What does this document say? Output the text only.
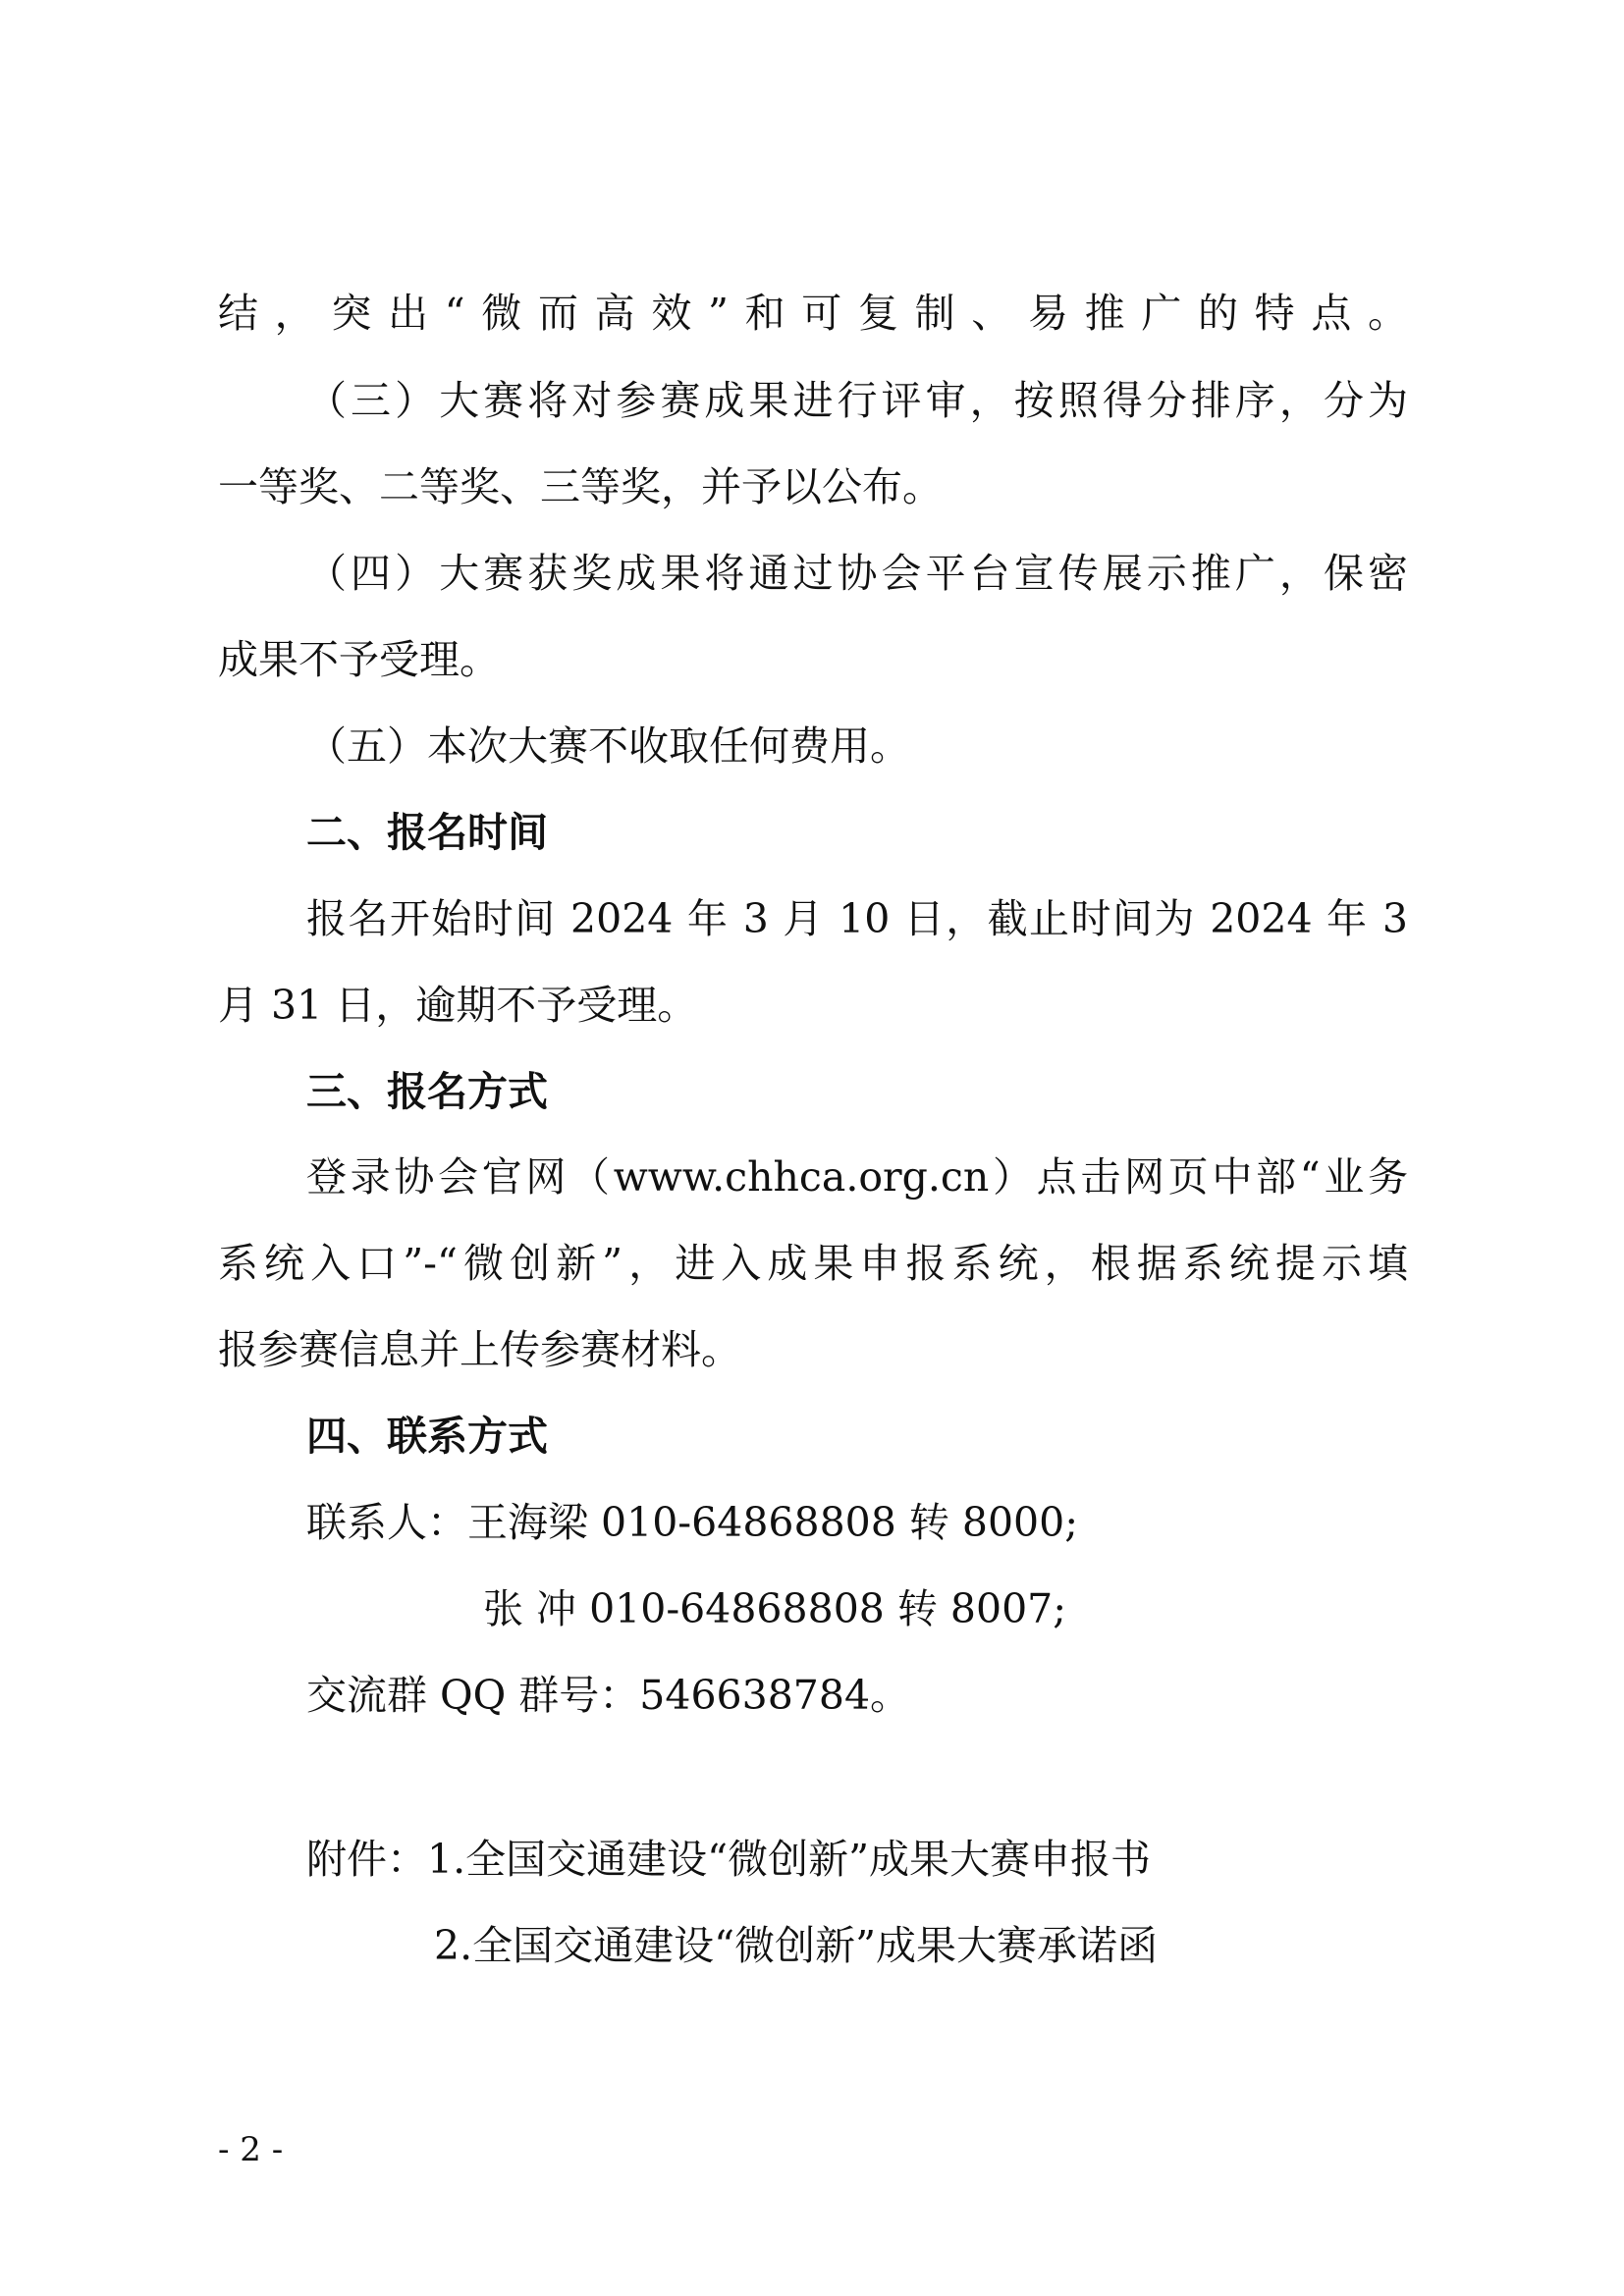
结，突出“微而高效”和可复制、易推广的特点。
（三）大赛将对参赛成果进行评审，按照得分排序，分为
一等奖、二等奖、三等奖，并予以公布。
（四）大赛获奖成果将通过协会平台宣传展示推广，保密
成果不予受理。
（五）本次大赛不收取任何费用。
二、报名时间
报名开始时间 2024 年 3 月 10 日，截止时间为 2024 年 3
月 31 日，逾期不予受理。
三、报名方式
登录协会官网（www.chhca.org.cn）点击网页中部“业务
系统入口”-“微创新”，进入成果申报系统，根据系统提示填
报参赛信息并上传参赛材料。
四、联系方式
联系人：王海梁 010-64868808 转 8000;
张 冲 010-64868808 转 8007;
交流群 QQ 群号：546638784。
附件：1.全国交通建设“微创新”成果大赛申报书
2.全国交通建设“微创新”成果大赛承诺函
- 2 -
